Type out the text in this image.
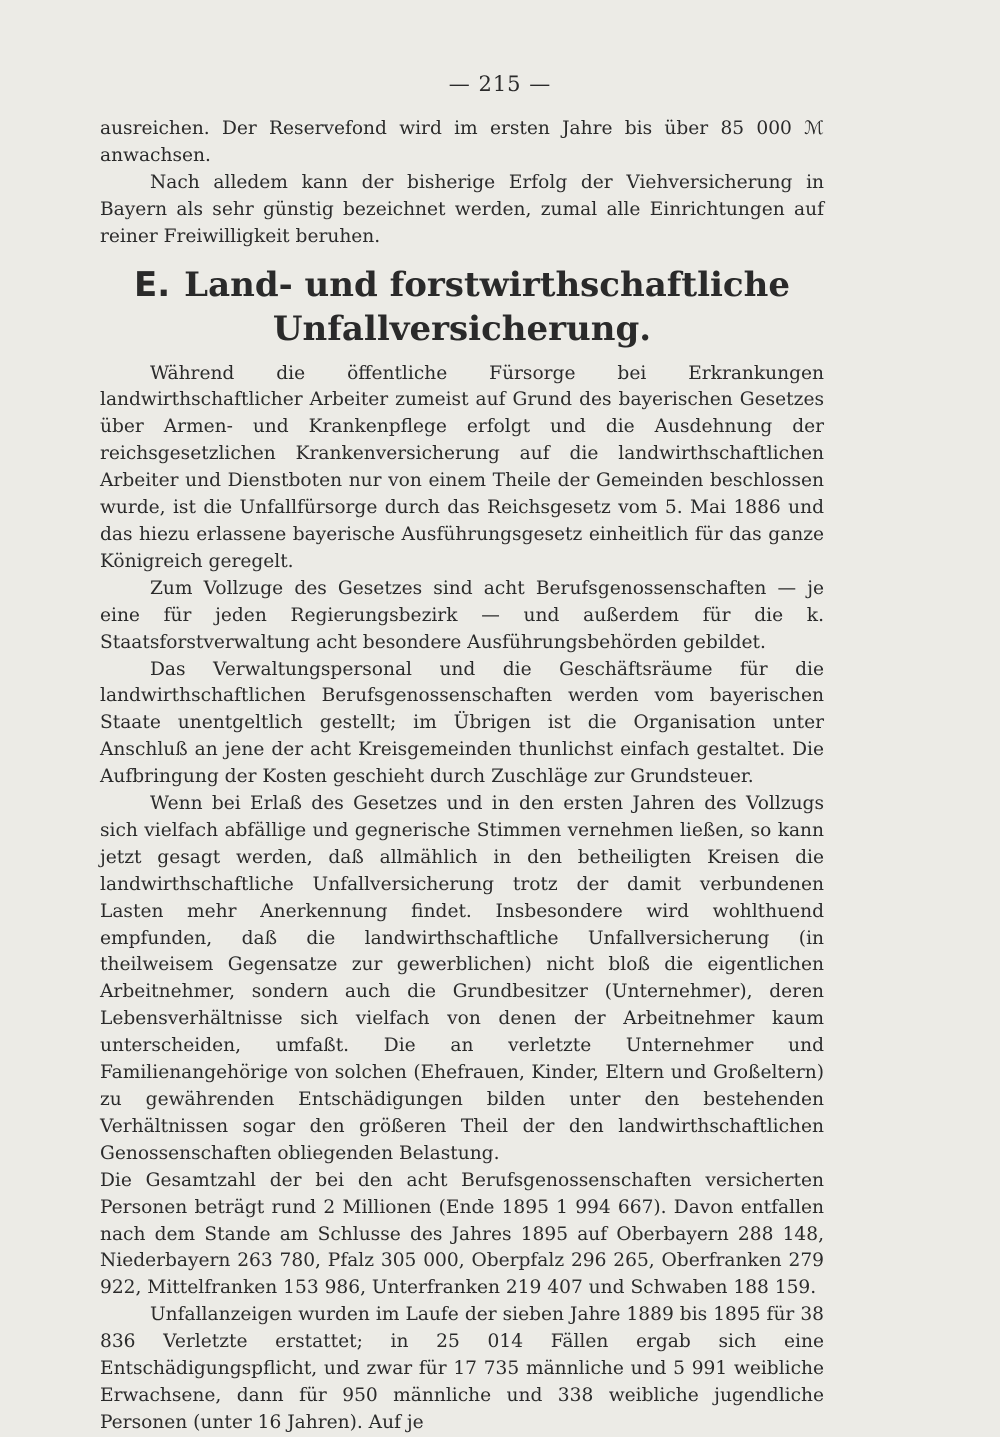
— 215 —

ausreichen. Der Reservefond wird im ersten Jahre bis über 85 000 ℳ anwachsen.

Nach alledem kann der bisherige Erfolg der Viehversicherung in Bayern als sehr günstig bezeichnet werden, zumal alle Einrichtungen auf reiner Freiwilligkeit beruhen.

E. Land- und forstwirthschaftliche Unfallversicherung.

Während die öffentliche Fürsorge bei Erkrankungen landwirthschaftlicher Arbeiter zumeist auf Grund des bayerischen Gesetzes über Armen- und Krankenpflege erfolgt und die Ausdehnung der reichsgesetzlichen Krankenversicherung auf die landwirthschaftlichen Arbeiter und Dienstboten nur von einem Theile der Gemeinden beschlossen wurde, ist die Unfallfürsorge durch das Reichsgesetz vom 5. Mai 1886 und das hiezu erlassene bayerische Ausführungsgesetz einheitlich für das ganze Königreich geregelt.

Zum Vollzuge des Gesetzes sind acht Berufsgenossenschaften — je eine für jeden Regierungsbezirk — und außerdem für die k. Staatsforstverwaltung acht besondere Ausführungsbehörden gebildet.

Das Verwaltungspersonal und die Geschäftsräume für die landwirthschaftlichen Berufsgenossenschaften werden vom bayerischen Staate unentgeltlich gestellt; im Übrigen ist die Organisation unter Anschluß an jene der acht Kreisgemeinden thunlichst einfach gestaltet. Die Aufbringung der Kosten geschieht durch Zuschläge zur Grundsteuer.

Wenn bei Erlaß des Gesetzes und in den ersten Jahren des Vollzugs sich vielfach abfällige und gegnerische Stimmen vernehmen ließen, so kann jetzt gesagt werden, daß allmählich in den betheiligten Kreisen die landwirthschaftliche Unfallversicherung trotz der damit verbundenen Lasten mehr Anerkennung findet. Insbesondere wird wohlthuend empfunden, daß die landwirthschaftliche Unfallversicherung (in theilweisem Gegensatze zur gewerblichen) nicht bloß die eigentlichen Arbeitnehmer, sondern auch die Grundbesitzer (Unternehmer), deren Lebensverhältnisse sich vielfach von denen der Arbeitnehmer kaum unterscheiden, umfaßt. Die an verletzte Unternehmer und Familienangehörige von solchen (Ehefrauen, Kinder, Eltern und Großeltern) zu gewährenden Entschädigungen bilden unter den bestehenden Verhältnissen sogar den größeren Theil der den landwirthschaftlichen Genossenschaften obliegenden Belastung.

Die Gesamtzahl der bei den acht Berufsgenossenschaften versicherten Personen beträgt rund 2 Millionen (Ende 1895 1 994 667). Davon entfallen nach dem Stande am Schlusse des Jahres 1895 auf Oberbayern 288 148, Niederbayern 263 780, Pfalz 305 000, Oberpfalz 296 265, Oberfranken 279 922, Mittelfranken 153 986, Unterfranken 219 407 und Schwaben 188 159.

Unfallanzeigen wurden im Laufe der sieben Jahre 1889 bis 1895 für 38 836 Verletzte erstattet; in 25 014 Fällen ergab sich eine Entschädigungspflicht, und zwar für 17 735 männliche und 5 991 weibliche Erwachsene, dann für 950 männliche und 338 weibliche jugendliche Personen (unter 16 Jahren). Auf je
